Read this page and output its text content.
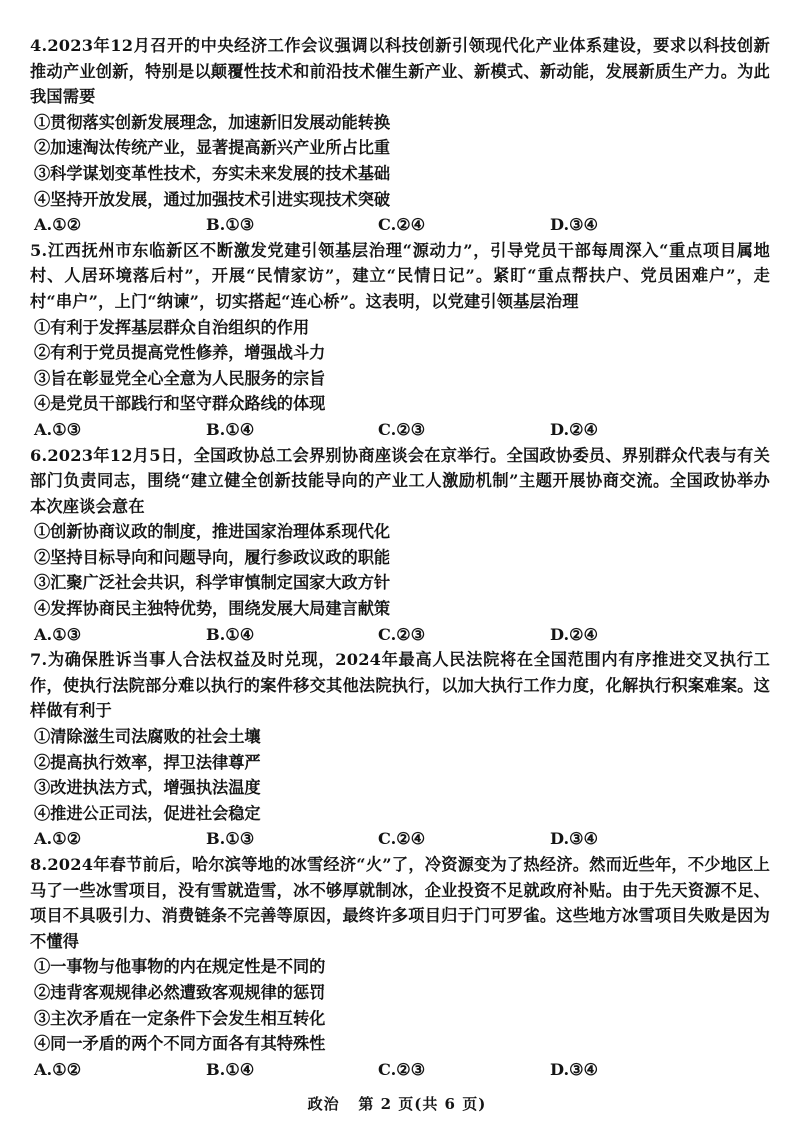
4.2023年12月召开的中央经济工作会议强调以科技创新引领现代化产业体系建设，要求以科技创新推动产业创新，特别是以颠覆性技术和前沿技术催生新产业、新模式、新动能，发展新质生产力。为此我国需要

①贯彻落实创新发展理念，加速新旧发展动能转换

②加速淘汰传统产业，显著提高新兴产业所占比重

③科学谋划变革性技术，夯实未来发展的技术基础

④坚持开放发展，通过加强技术引进实现技术突破

A.①②	B.①③	C.②④	D.③④

5.江西抚州市东临新区不断激发党建引领基层治理“源动力”，引导党员干部每周深入“重点项目属地村、人居环境落后村”，开展“民情家访”，建立“民情日记”。紧盯“重点帮扶户、党员困难户”，走村“串户”，上门“纳谏”，切实搭起“连心桥”。这表明，以党建引领基层治理

①有利于发挥基层群众自治组织的作用

②有利于党员提高党性修养，增强战斗力

③旨在彰显党全心全意为人民服务的宗旨

④是党员干部践行和坚守群众路线的体现

A.①③	B.①④	C.②③	D.②④

6.2023年12月5日，全国政协总工会界别协商座谈会在京举行。全国政协委员、界别群众代表与有关部门负责同志，围绕“建立健全创新技能导向的产业工人激励机制”主题开展协商交流。全国政协举办本次座谈会意在

①创新协商议政的制度，推进国家治理体系现代化

②坚持目标导向和问题导向，履行参政议政的职能

③汇聚广泛社会共识，科学审慎制定国家大政方针

④发挥协商民主独特优势，围绕发展大局建言献策

A.①③	B.①④	C.②③	D.②④

7.为确保胜诉当事人合法权益及时兑现，2024年最高人民法院将在全国范围内有序推进交叉执行工作，使执行法院部分难以执行的案件移交其他法院执行，以加大执行工作力度，化解执行积案难案。这样做有利于

①清除滋生司法腐败的社会土壤

②提高执行效率，捍卫法律尊严

③改进执法方式，增强执法温度

④推进公正司法，促进社会稳定

A.①②	B.①③	C.②④	D.③④

8.2024年春节前后，哈尔滨等地的冰雪经济“火”了，冷资源变为了热经济。然而近些年，不少地区上马了一些冰雪项目，没有雪就造雪，冰不够厚就制冰，企业投资不足就政府补贴。由于先天资源不足、项目不具吸引力、消费链条不完善等原因，最终许多项目归于门可罗雀。这些地方冰雪项目失败是因为不懂得

①一事物与他事物的内在规定性是不同的

②违背客观规律必然遭致客观规律的惩罚

③主次矛盾在一定条件下会发生相互转化

④同一矛盾的两个不同方面各有其特殊性

A.①②	B.①④	C.②③	D.③④
政治 第 2 页(共 6 页)
